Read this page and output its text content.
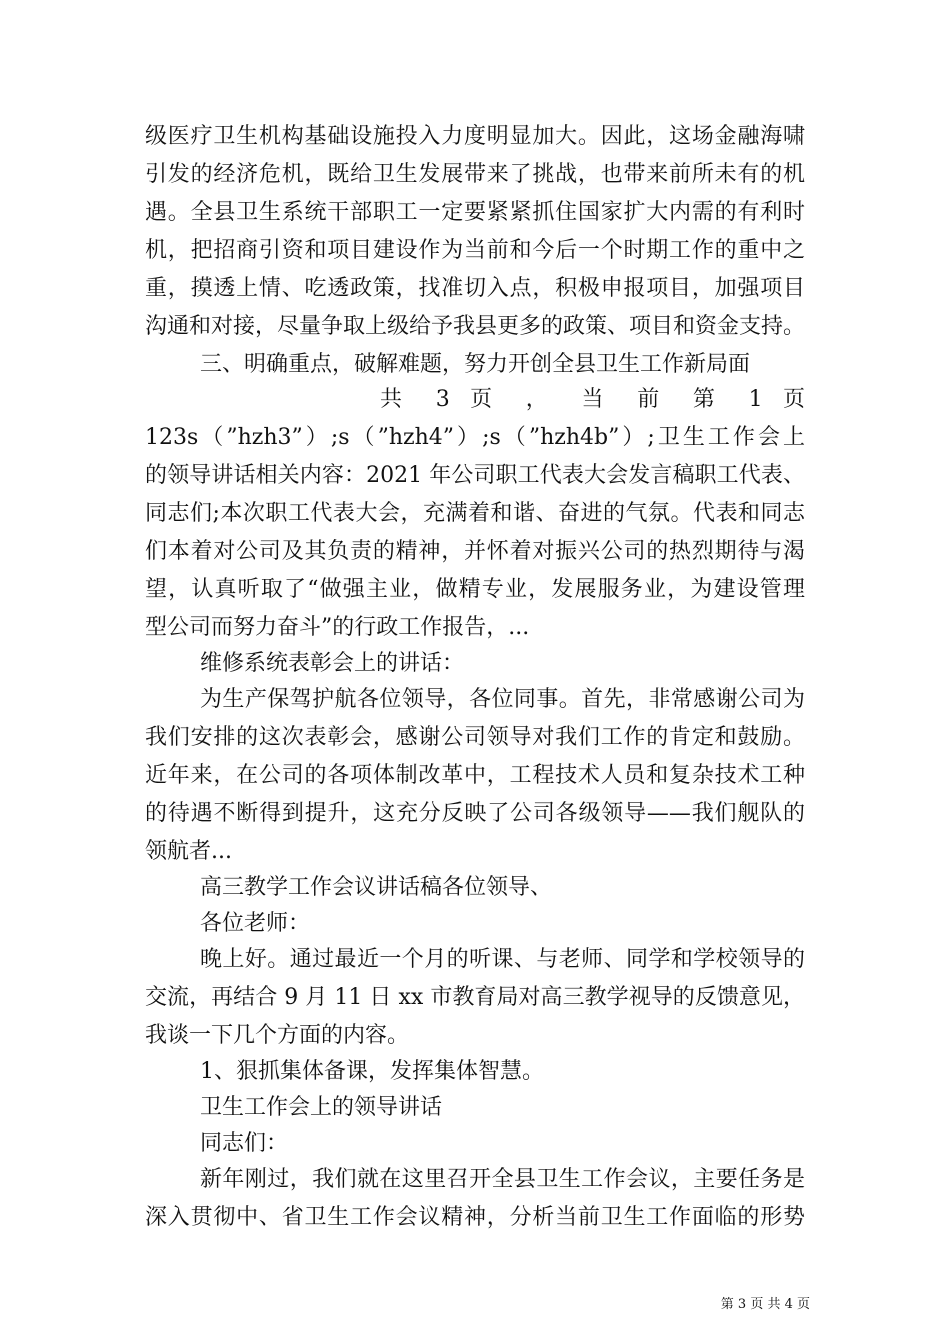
级医疗卫生机构基础设施投入力度明显加大。因此，这场金融海啸
引发的经济危机，既给卫生发展带来了挑战，也带来前所未有的机
遇。全县卫生系统干部职工一定要紧紧抓住国家扩大内需的有利时
机，把招商引资和项目建设作为当前和今后一个时期工作的重中之
重，摸透上情、吃透政策，找准切入点，积极申报项目，加强项目
沟通和对接，尽量争取上级给予我县更多的政策、项目和资金支持。
三、明确重点，破解难题，努力开创全县卫生工作新局面
共 3 页 ， 当 前 第 1 页
123s（”hzh3”）;s（”hzh4”）;s（”hzh4b”）;卫生工作会上
的领导讲话相关内容：2021 年公司职工代表大会发言稿职工代表、
同志们;本次职工代表大会，充满着和谐、奋进的气氛。代表和同志
们本着对公司及其负责的精神，并怀着对振兴公司的热烈期待与渴
望，认真听取了“做强主业，做精专业，发展服务业，为建设管理
型公司而努力奋斗”的行政工作报告，...
维修系统表彰会上的讲话：
为生产保驾护航各位领导，各位同事。首先，非常感谢公司为
我们安排的这次表彰会，感谢公司领导对我们工作的肯定和鼓励。
近年来，在公司的各项体制改革中，工程技术人员和复杂技术工种
的待遇不断得到提升，这充分反映了公司各级领导——我们舰队的
领航者...
高三教学工作会议讲话稿各位领导、
各位老师：
晚上好。通过最近一个月的听课、与老师、同学和学校领导的
交流，再结合 9 月 11 日 xx 市教育局对高三教学视导的反馈意见，
我谈一下几个方面的内容。
1、狠抓集体备课，发挥集体智慧。
卫生工作会上的领导讲话
同志们：
新年刚过，我们就在这里召开全县卫生工作会议，主要任务是
深入贯彻中、省卫生工作会议精神，分析当前卫生工作面临的形势
第 3 页 共 4 页
